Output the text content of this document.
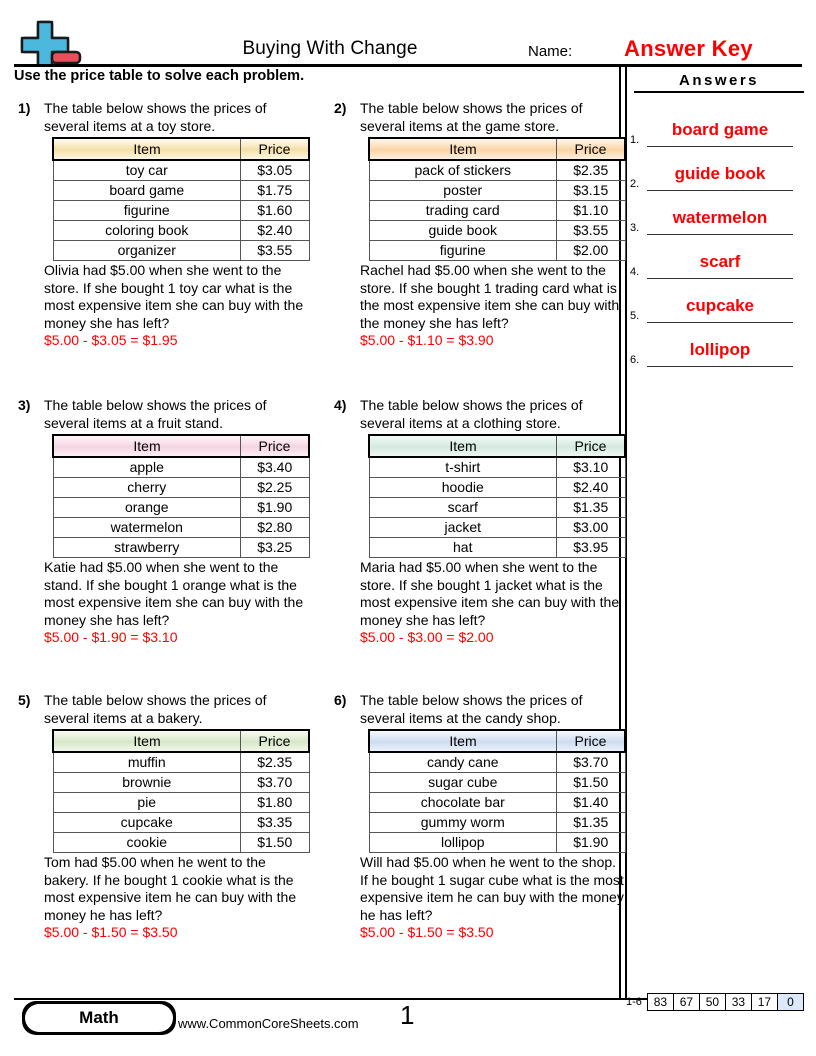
Buying With Change	Name: Answer Key
Use the price table to solve each problem.	Answers
1.
board game
2.
guide book
3.
watermelon
4.
scarf
5.
cupcake
6.
lollipop
1) The table below shows the prices of several items at a toy store.

Item	Price
toy car	$3.05
board game	$1.75
figurine	$1.60
coloring book	$2.40
organizer	$3.55

Olivia had $5.00 when she went to the store. If she bought 1 toy car what is the most expensive item she can buy with the money she has left?

$5.00 - $3.05 = $1.95

2) The table below shows the prices of several items at the game store.

Item	Price
pack of stickers	$2.35
poster	$3.15
trading card	$1.10
guide book	$3.55
figurine	$2.00

Rachel had $5.00 when she went to the store. If she bought 1 trading card what is the most expensive item she can buy with the money she has left?

$5.00 - $1.10 = $3.90

3) The table below shows the prices of several items at a fruit stand.

Item	Price
apple	$3.40
cherry	$2.25
orange	$1.90
watermelon	$2.80
strawberry	$3.25

Katie had $5.00 when she went to the stand. If she bought 1 orange what is the most expensive item she can buy with the money she has left?

$5.00 - $1.90 = $3.10

4) The table below shows the prices of several items at a clothing store.

Item	Price
t-shirt	$3.10
hoodie	$2.40
scarf	$1.35
jacket	$3.00
hat	$3.95

Maria had $5.00 when she went to the store. If she bought 1 jacket what is the most expensive item she can buy with the money she has left?

$5.00 - $3.00 = $2.00

5) The table below shows the prices of several items at a bakery.

Item	Price
muffin	$2.35
brownie	$3.70
pie	$1.80
cupcake	$3.35
cookie	$1.50

Tom had $5.00 when he went to the bakery. If he bought 1 cookie what is the most expensive item he can buy with the money he has left?

$5.00 - $1.50 = $3.50

6) The table below shows the prices of several items at the candy shop.

Item	Price
candy cane	$3.70
sugar cube	$1.50
chocolate bar	$1.40
gummy worm	$1.35
lollipop	$1.90

Will had $5.00 when he went to the shop. If he bought 1 sugar cube what is the most expensive item he can buy with the money he has left?

$5.00 - $1.50 = $3.50

Math	www.CommonCoreSheets.com 1	1-6 83	67	50	33	17	0
